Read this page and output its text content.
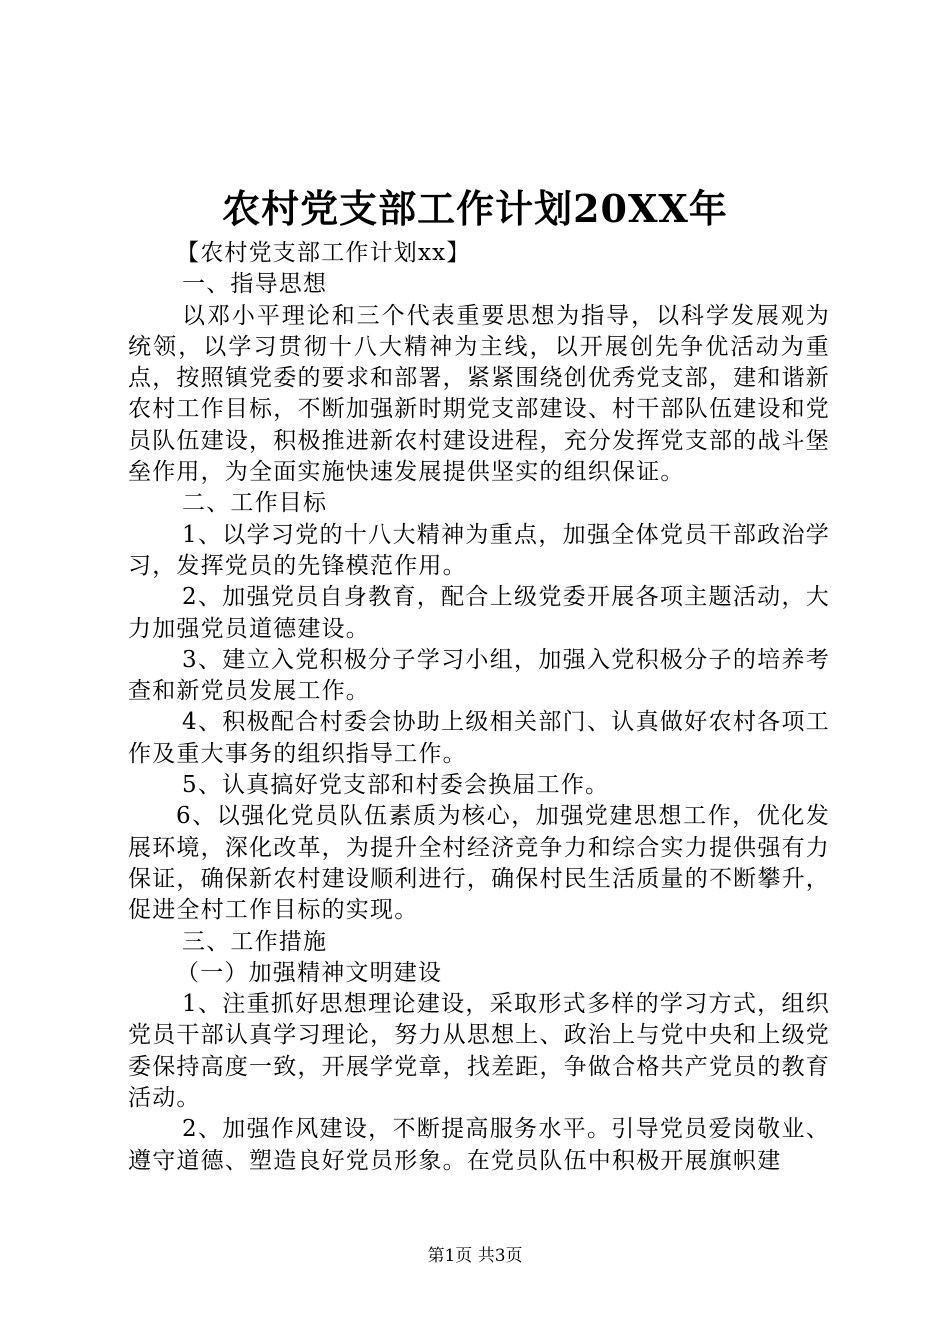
农村党支部工作计划20XX年

【农村党支部工作计划xx】

一、指导思想

以邓小平理论和三个代表重要思想为指导，以科学发展观为统领，以学习贯彻十八大精神为主线，以开展创先争优活动为重点，按照镇党委的要求和部署，紧紧围绕创优秀党支部，建和谐新农村工作目标，不断加强新时期党支部建设、村干部队伍建设和党员队伍建设，积极推进新农村建设进程，充分发挥党支部的战斗堡垒作用，为全面实施快速发展提供坚实的组织保证。

二、工作目标

1、以学习党的十八大精神为重点，加强全体党员干部政治学习，发挥党员的先锋模范作用。

2、加强党员自身教育，配合上级党委开展各项主题活动，大力加强党员道德建设。

3、建立入党积极分子学习小组，加强入党积极分子的培养考查和新党员发展工作。

4、积极配合村委会协助上级相关部门、认真做好农村各项工作及重大事务的组织指导工作。

5、认真搞好党支部和村委会换届工作。

6、以强化党员队伍素质为核心，加强党建思想工作，优化发展环境，深化改革，为提升全村经济竞争力和综合实力提供强有力保证，确保新农村建设顺利进行，确保村民生活质量的不断攀升，促进全村工作目标的实现。

三、工作措施

（一）加强精神文明建设

1、注重抓好思想理论建设，采取形式多样的学习方式，组织党员干部认真学习理论，努力从思想上、政治上与党中央和上级党委保持高度一致，开展学党章，找差距，争做合格共产党员的教育活动。

2、加强作风建设，不断提高服务水平。引导党员爱岗敬业、遵守道德、塑造良好党员形象。在党员队伍中积极开展旗帜建

第1页 共3页
